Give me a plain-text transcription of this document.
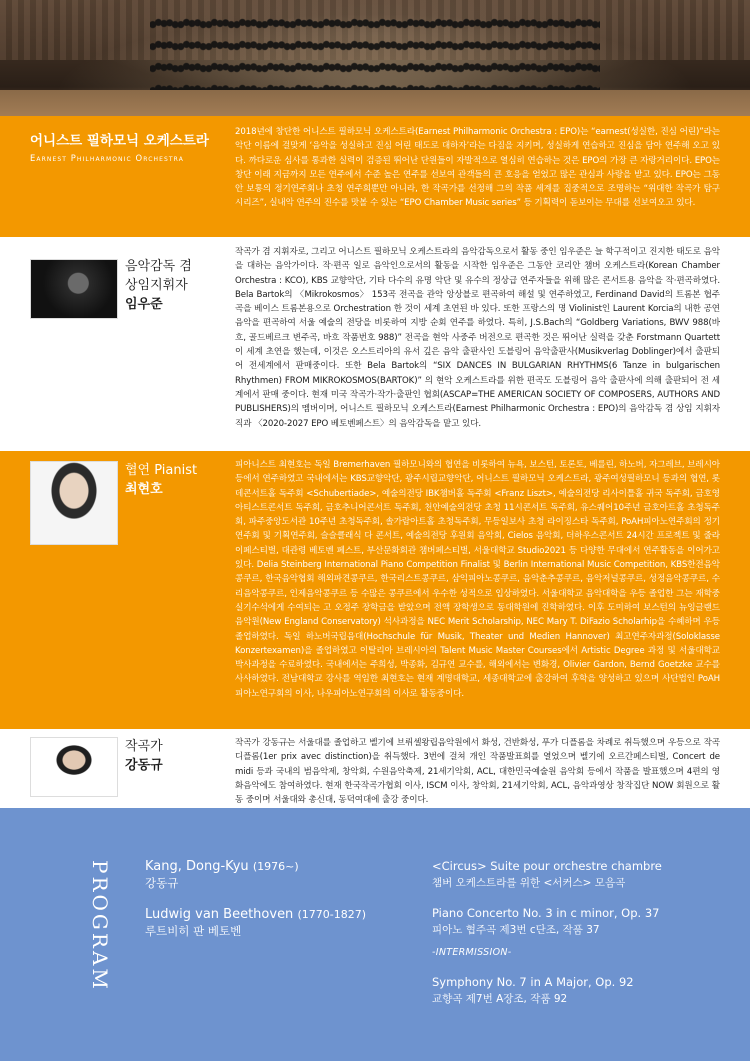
어니스트 필하모닉 오케스트라
Earnest Philharmonic Orchestra
2018년에 창단한 어니스트 필하모닉 오케스트라(Earnest Philharmonic Orchestra : EPO)는 “earnest(성실한, 진심 어린)”라는 악단 이름에 걸맞게 ‘음악을 성실하고 진심 어린 태도로 대하자’라는 다짐을 지키며, 성실하게 연습하고 진심을 담아 연주해 오고 있다. 까다로운 심사를 통과한 실력이 검증된 뛰어난 단원들이 자발적으로 열심히 연습하는 것은 EPO의 가장 큰 자랑거리이다. EPO는 창단 이래 지금까지 모든 연주에서 수준 높은 연주를 선보여 관객들의 큰 호응을 얻었고 많은 관심과 사랑을 받고 있다. EPO는 그동안 보통의 정기연주회나 초청 연주회뿐만 아니라, 한 작곡가를 선정해 그의 작품 세계를 집중적으로 조명하는 “위대한 작곡가 탐구 시리즈”, 실내악 연주의 진수를 맛볼 수 있는 “EPO Chamber Music series” 등 기획력이 돋보이는 무대를 선보여오고 있다.
음악감독 겸
상임지휘자
임우준
작곡가 겸 지휘자로, 그리고 어니스트 필하모닉 오케스트라의 음악감독으로서 활동 중인 임우준은 늘 학구적이고 진지한 태도로 음악을 대하는 음악가이다. 작·편곡 일로 음악인으로서의 활동을 시작한 임우준은 그동안 코리안 챔버 오케스트라(Korean Chamber Orchestra : KCO), KBS 교향악단, 기타 다수의 유명 악단 및 유수의 정상급 연주자들을 위해 많은 콘서트용 음악을 작·편곡하였다. Bela Bartok의 〈Mikrokosmos〉 153곡 전곡을 관악 앙상블로 편곡하여 해설 및 연주하였고, Ferdinand David의 트롬본 협주곡을 베이스 트롬본용으로 Orchestration 한 것이 세계 초연된 바 있다. 또한 프랑스의 명 Violinist인 Laurent Korcia의 내한 공연 음악을 편곡하여 서울 예술의 전당을 비롯하여 지방 순회 연주를 하였다. 특히, J.S.Bach의 “Goldberg Variations, BWV 988(바흐, 골드베르크 변주곡, 바흐 작품번호 988)” 전곡을 현악 사중주 버전으로 편곡한 것은 뛰어난 실력을 갖춘 Forstmann Quartett이 세계 초연을 했는데, 이것은 오스트리아의 유서 깊은 음악 출판사인 도블링어 음악출판사(Musikverlag Doblinger)에서 출판되어 전세계에서 판매중이다. 또한 Bela Bartok의 “SIX DANCES IN BULGARIAN RHYTHMS(6 Tanze in bulgarischen Rhythmen) FROM MIKROKOSMOS(BARTOK)” 의 현악 오케스트라를 위한 편곡도 도블링어 음악 출판사에 의해 출판되어 전 세계에서 판매 중이다. 현재 미국 작곡가·작가·출판인 협회(ASCAP=THE AMERICAN SOCIETY OF COMPOSERS, AUTHORS AND PUBLISHERS)의 멤버이며, 어니스트 필하모닉 오케스트라(Earnest Philharmonic Orchestra : EPO)의 음악감독 겸 상임 지휘자직과 〈2020-2027 EPO 베토벤페스트〉의 음악감독을 맡고 있다.
협연 Pianist
최현호
피아니스트 최현호는 독일 Bremerhaven 필하모니와의 협연을 비롯하여 뉴욕, 보스턴, 토론토, 베를린, 하노버, 자그레브, 브레시아 등에서 연주하였고 국내에서는 KBS교향악단, 광주시립교향악단, 어니스트 필하모닉 오케스트라, 광주여성필하모니 등과의 협연, 롯데콘서트홀 독주회 <Schubertiade>, 예술의전당 IBK챔버홀 독주회 <Franz Liszt>, 예술의전당 리사이틀홀 귀국 독주회, 금호영아티스트콘서트 독주회, 금호추니어콘서트 독주회, 천안예술의전당 초청 11시콘서트 독주회, 유스퀘어10주년 금호아트홀 초청독주회, 파주중앙도서관 10주년 초청독주회, 솔가람아트홀 초청독주회, 무등일보사 초청 라이징스타 독주회, PoAH피아노연주회의 정기연주회 및 기획연주회, 슬슬클래식 다 콘서트, 예술의전당 후원회 음악회, Cielos 음악회, 더하우스콘서트 24시간 프로젝트 및 줄라이페스티벌, 대관령 베토벤 페스트, 부산문화회관 챔버페스티벌, 서울대학교 Studio2021 등 다양한 무대에서 연주활동을 이어가고 있다. Delia Steinberg International Piano Competition Finalist 및 Berlin International Music Competition, KBS한전음악콩쿠르, 한국음악협회 해외파견콩쿠르, 한국리스트콩쿠르, 삼익피아노콩쿠르, 음악춘추콩쿠르, 음악저널콩쿠르, 성정음악콩쿠르, 수리음악콩쿠르, 인제음악콩쿠르 등 수많은 콩쿠르에서 우수한 성적으로 입상하였다. 서울대학교 음악대학을 우등 졸업한 그는 재학중 실기수석에게 수여되는 고 오정주 장학금을 받았으며 전액 장학생으로 동대학원에 진학하였다. 이후 도미하여 보스턴의 뉴잉글랜드음악원(New England Conservatory) 석사과정을 NEC Merit Scholarship, NEC Mary T. DiFazio Scholarhip을 수혜하며 우등졸업하였다. 독일 하노버국립음대(Hochschule für Musik, Theater und Medien Hannover) 최고연주자과정(Soloklasse Konzertexamen)을 졸업하였고 이탈리아 브레시아의 Talent Music Master Courses에서 Artistic Degree 과정 및 서울대학교 박사과정을 수료하였다. 국내에서는 주희성, 박종화, 김규연 교수를, 해외에서는 변화경, Olivier Gardon, Bernd Goetzke 교수를 사사하였다. 전남대학교 강사를 역임한 최현호는 현재 계명대학교, 세종대학교에 출강하여 후학을 양성하고 있으며 사단법인 PoAH피아노연구회의 이사, 나우피아노연구회의 이사로 활동중이다.
작곡가
강동규
작곡가 강동규는 서울대를 졸업하고 벨기에 브뤼셀왕립음악원에서 화성, 건반화성, 푸가 디플롬을 차례로 취득했으며 우등으로 작곡 디플롬(1er prix avec distinction)을 취득했다. 3번에 걸쳐 개인 작품발표회를 열었으며 벨기에 오르간페스티벌, Concert de midi 등과 국내의 범음악제, 창악회, 수원음악축제, 21세기악회, ACL, 대한민국예술원 음악회 등에서 작품을 발표했으며 4편의 영화음악에도 참여하였다. 현재 한국작곡가협회 이사, ISCM 이사, 창악회, 21세기악회, ACL, 음악과영상 창작집단 NOW 회원으로 활동 중이며 서울대와 총신대, 동덕여대에 출강 중이다.
PROGRAM	Kang, Dong-Kyu (1976~)
강동규
Ludwig van Beethoven (1770-1827)
루트비히 판 베토벤
<Circus> Suite pour orchestre chambre
챔버 오케스트라를 위한 <서커스> 모음곡
Piano Concerto No. 3 in c minor, Op. 37
피아노 협주곡 제3번 c단조, 작품 37
-INTERMISSION-
Symphony No. 7 in A Major, Op. 92
교향곡 제7번 A장조, 작품 92
